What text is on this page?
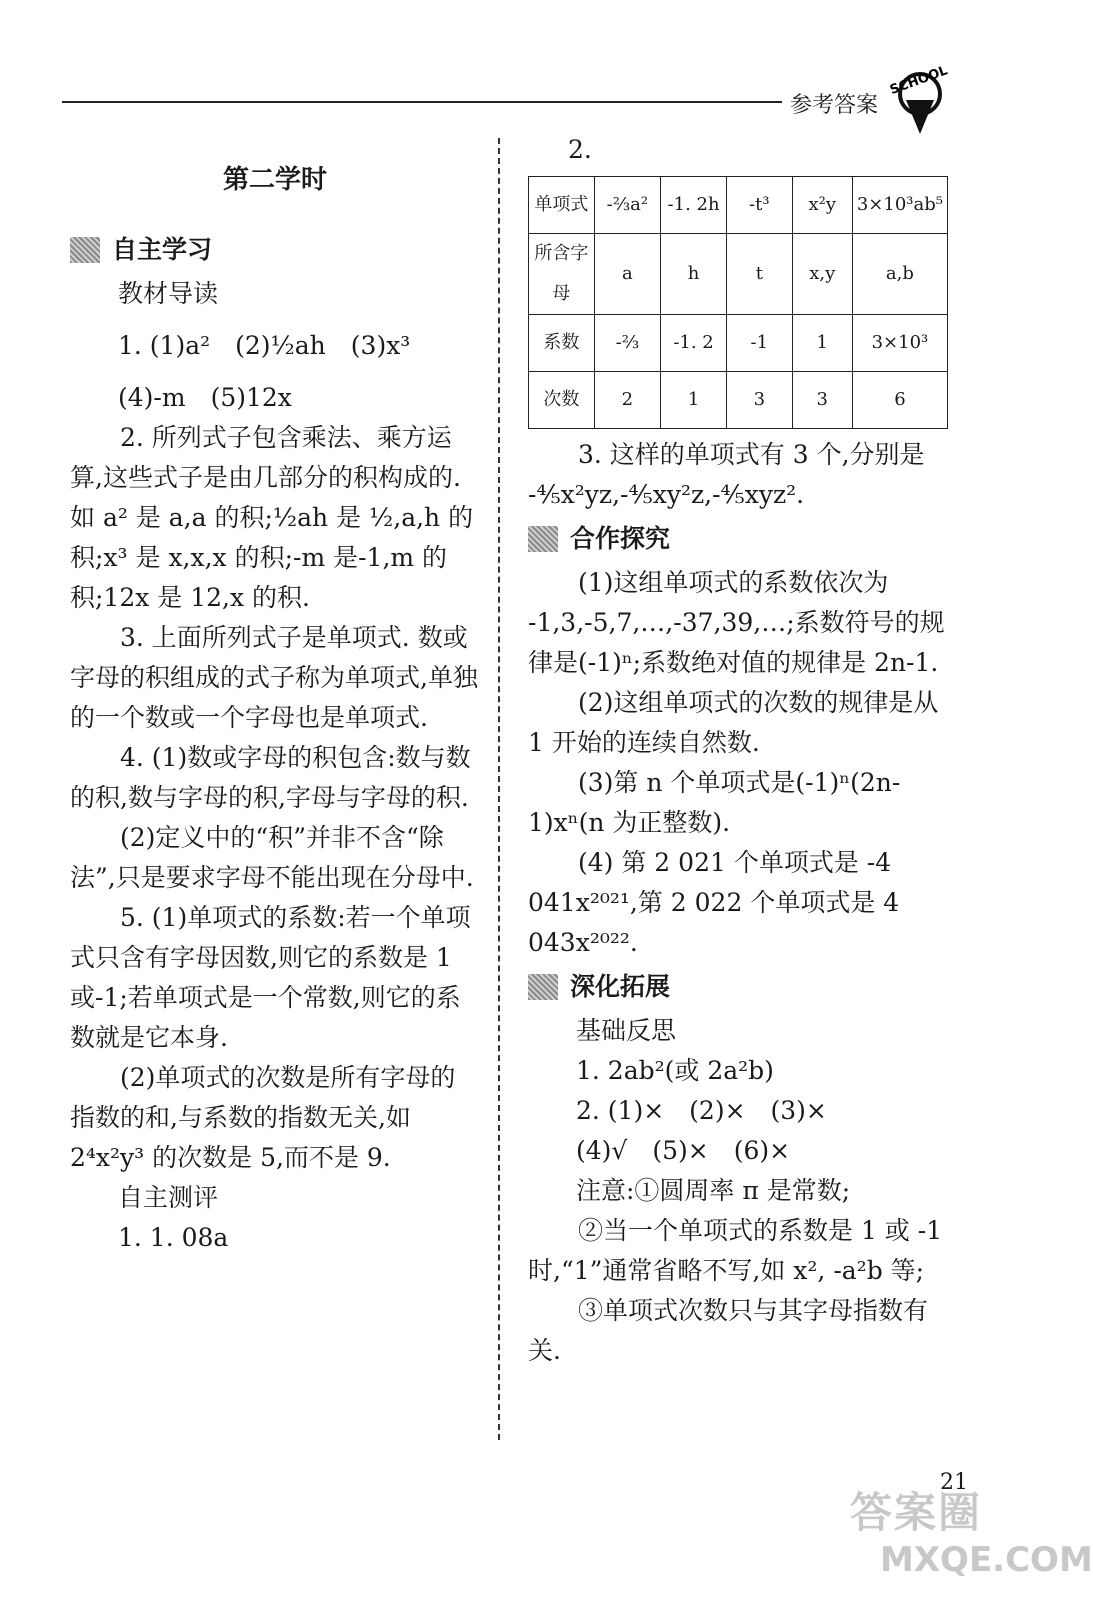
参考答案
SCHOOL

第二学时

自主学习

教材导读

1. (1)a²　(2)½ah　(3)x³

(4)-m　(5)12x

2. 所列式子包含乘法、乘方运算,这些式子是由几部分的积构成的. 如 a² 是 a,a 的积;½ah 是 ½,a,h 的积;x³ 是 x,x,x 的积;-m 是-1,m 的积;12x 是 12,x 的积.

3. 上面所列式子是单项式. 数或字母的积组成的式子称为单项式,单独的一个数或一个字母也是单项式.

4. (1)数或字母的积包含:数与数的积,数与字母的积,字母与字母的积.

(2)定义中的“积”并非不含“除法”,只是要求字母不能出现在分母中.

5. (1)单项式的系数:若一个单项式只含有字母因数,则它的系数是 1 或-1;若单项式是一个常数,则它的系数就是它本身.

(2)单项式的次数是所有字母的指数的和,与系数的指数无关,如 2⁴x²y³ 的次数是 5,而不是 9.

自主测评

1. 1. 08a

2.

单项式	-⅔a²	-1. 2h	-t³	x²y	3×10³ab⁵
所含字母	a	h	t	x,y	a,b
系数	-⅔	-1. 2	-1	1	3×10³
次数	2	1	3	3	6

3. 这样的单项式有 3 个,分别是

-⅘x²yz,-⅘xy²z,-⅘xyz².

合作探究

(1)这组单项式的系数依次为 -1,3,-5,7,…,-37,39,…;系数符号的规律是(-1)ⁿ;系数绝对值的规律是 2n-1.

(2)这组单项式的次数的规律是从 1 开始的连续自然数.

(3)第 n 个单项式是(-1)ⁿ(2n-1)xⁿ(n 为正整数).

(4) 第 2 021 个单项式是 -4 041x²⁰²¹,第 2 022 个单项式是 4 043x²⁰²².

深化拓展

基础反思

1. 2ab²(或 2a²b)

2. (1)×　(2)×　(3)×

(4)√　(5)×　(6)×

注意:①圆周率 π 是常数;

②当一个单项式的系数是 1 或 -1 时,“1”通常省略不写,如 x², -a²b 等;

③单项式次数只与其字母指数有关.

21
答案圈
MXQE.COM
